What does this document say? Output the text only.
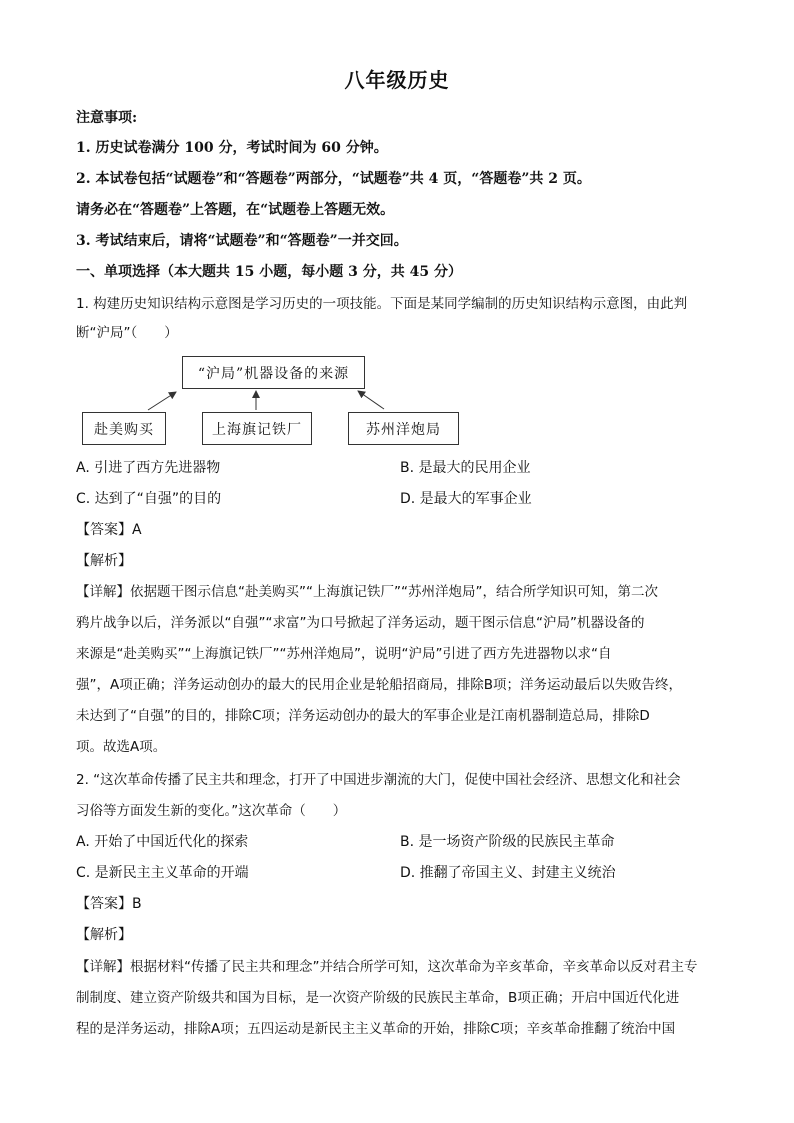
八年级历史
注意事项:
1. 历史试卷满分 100 分，考试时间为 60 分钟。
2. 本试卷包括“试题卷”和“答题卷”两部分，“试题卷”共 4 页，“答题卷”共 2 页。
请务必在“答题卷”上答题，在“试题卷上答题无效。
3. 考试结束后，请将“试题卷”和“答题卷”一并交回。
一、单项选择（本大题共 15 小题，每小题 3 分，共 45 分）
1. 构建历史知识结构示意图是学习历史的一项技能。下面是某同学编制的历史知识结构示意图，由此判
断“沪局”（　　）
“沪局”机器设备的来源
赴美购买	上海旗记铁厂	苏州洋炮局
A. 引进了西方先进器物	B. 是最大的民用企业
C. 达到了“自强”的目的	D. 是最大的军事企业
【答案】A
【解析】
【详解】依据题干图示信息“赴美购买”“上海旗记铁厂”“苏州洋炮局”，结合所学知识可知，第二次
鸦片战争以后，洋务派以“自强”“求富”为口号掀起了洋务运动，题干图示信息“沪局”机器设备的
来源是“赴美购买”“上海旗记铁厂”“苏州洋炮局”，说明“沪局”引进了西方先进器物以求“自
强”，A项正确；洋务运动创办的最大的民用企业是轮船招商局，排除B项；洋务运动最后以失败告终，
未达到了“自强”的目的，排除C项；洋务运动创办的最大的军事企业是江南机器制造总局，排除D
项。故选A项。
2. “这次革命传播了民主共和理念，打开了中国进步潮流的大门，促使中国社会经济、思想文化和社会
习俗等方面发生新的变化。”这次革命（　　）
A. 开始了中国近代化的探索	B. 是一场资产阶级的民族民主革命
C. 是新民主主义革命的开端	D. 推翻了帝国主义、封建主义统治
【答案】B
【解析】
【详解】根据材料“传播了民主共和理念”并结合所学可知，这次革命为辛亥革命，辛亥革命以反对君主专
制制度、建立资产阶级共和国为目标，是一次资产阶级的民族民主革命，B项正确；开启中国近代化进
程的是洋务运动，排除A项；五四运动是新民主主义革命的开始，排除C项；辛亥革命推翻了统治中国
